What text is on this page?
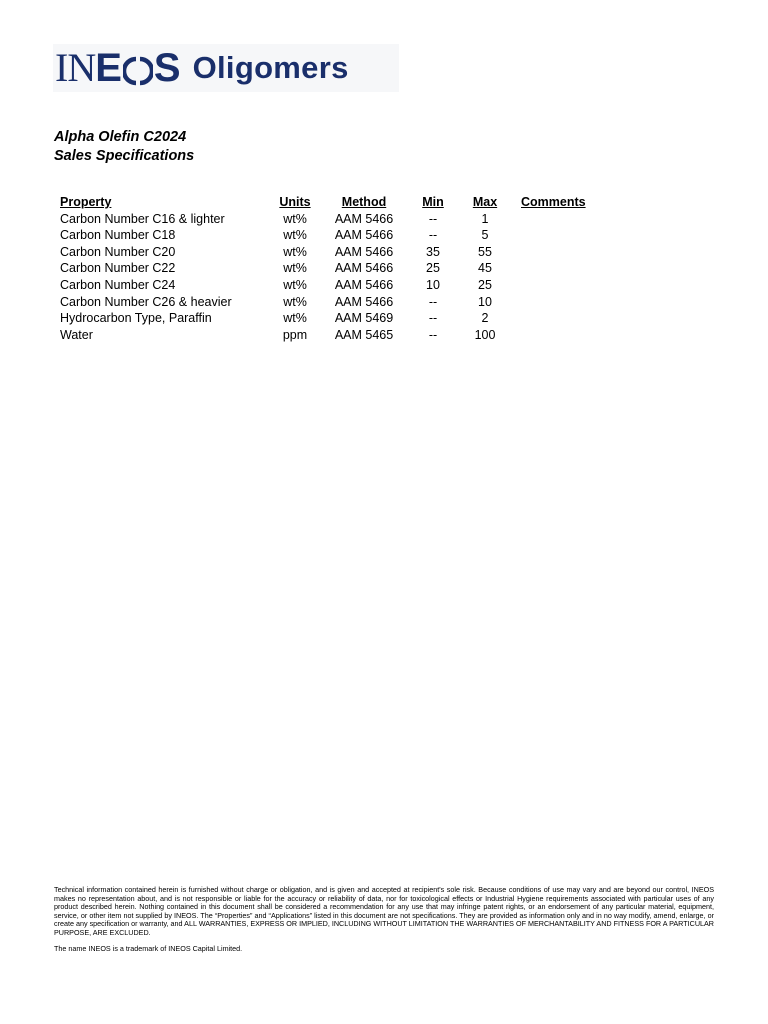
IN E S Oligomers
Alpha Olefin C2024
Sales Specifications
Property	Units	Method	Min	Max	Comments
Carbon Number C16 & lighter	wt%	AAM 5466	--	1	
Carbon Number C18	wt%	AAM 5466	--	5	
Carbon Number C20	wt%	AAM 5466	35	55	
Carbon Number C22	wt%	AAM 5466	25	45	
Carbon Number C24	wt%	AAM 5466	10	25	
Carbon Number C26 & heavier	wt%	AAM 5466	--	10	
Hydrocarbon Type, Paraffin	wt%	AAM 5469	--	2	
Water	ppm	AAM 5465	--	100	
Technical information contained herein is furnished without charge or obligation, and is given and accepted at recipient's sole risk. Because conditions of use may vary and are beyond our control, INEOS makes no representation about, and is not responsible or liable for the accuracy or reliability of data, nor for toxicological effects or Industrial Hygiene requirements associated with particular uses of any product described herein. Nothing contained in this document shall be considered a recommendation for any use that may infringe patent rights, or an endorsement of any particular material, equipment, service, or other item not supplied by INEOS. The “Properties” and “Applications” listed in this document are not specifications. They are provided as information only and in no way modify, amend, enlarge, or create any specification or warranty, and ALL WARRANTIES, EXPRESS OR IMPLIED, INCLUDING WITHOUT LIMITATION THE WARRANTIES OF MERCHANTABILITY AND FITNESS FOR A PARTICULAR PURPOSE, ARE EXCLUDED.
The name INEOS is a trademark of INEOS Capital Limited.
